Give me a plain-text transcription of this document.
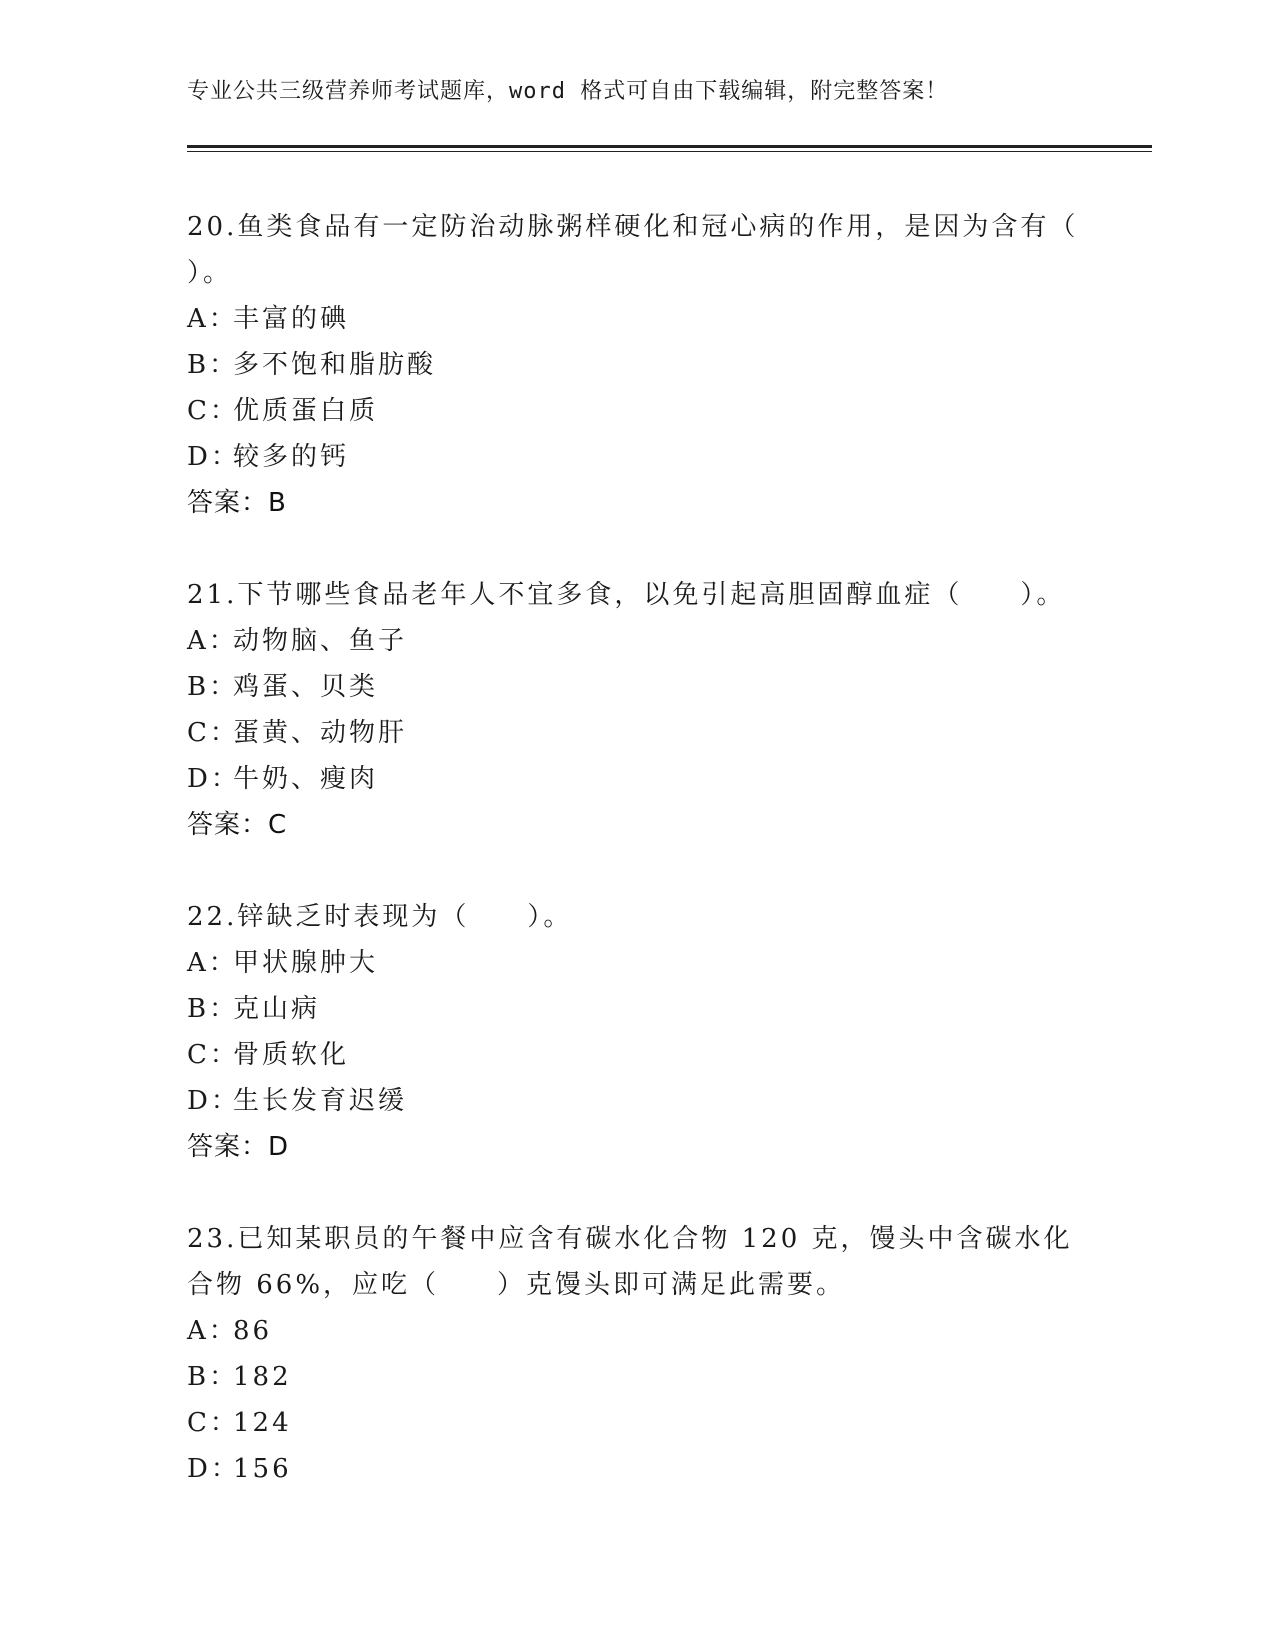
专业公共三级营养师考试题库，word 格式可自由下载编辑，附完整答案！
20.鱼类食品有一定防治动脉粥样硬化和冠心病的作用，是因为含有（ ）。
A：丰富的碘
B：多不饱和脂肪酸
C：优质蛋白质
D：较多的钙
答案：B
21.下节哪些食品老年人不宜多食，以免引起高胆固醇血症（　　）。
A：动物脑、鱼子
B：鸡蛋、贝类
C：蛋黄、动物肝
D：牛奶、瘦肉
答案：C
22.锌缺乏时表现为（　　）。
A：甲状腺肿大
B：克山病
C：骨质软化
D：生长发育迟缓
答案：D
23.已知某职员的午餐中应含有碳水化合物 120 克，馒头中含碳水化合物 66%，应吃（　　）克馒头即可满足此需要。
A：86
B：182
C：124
D：156
